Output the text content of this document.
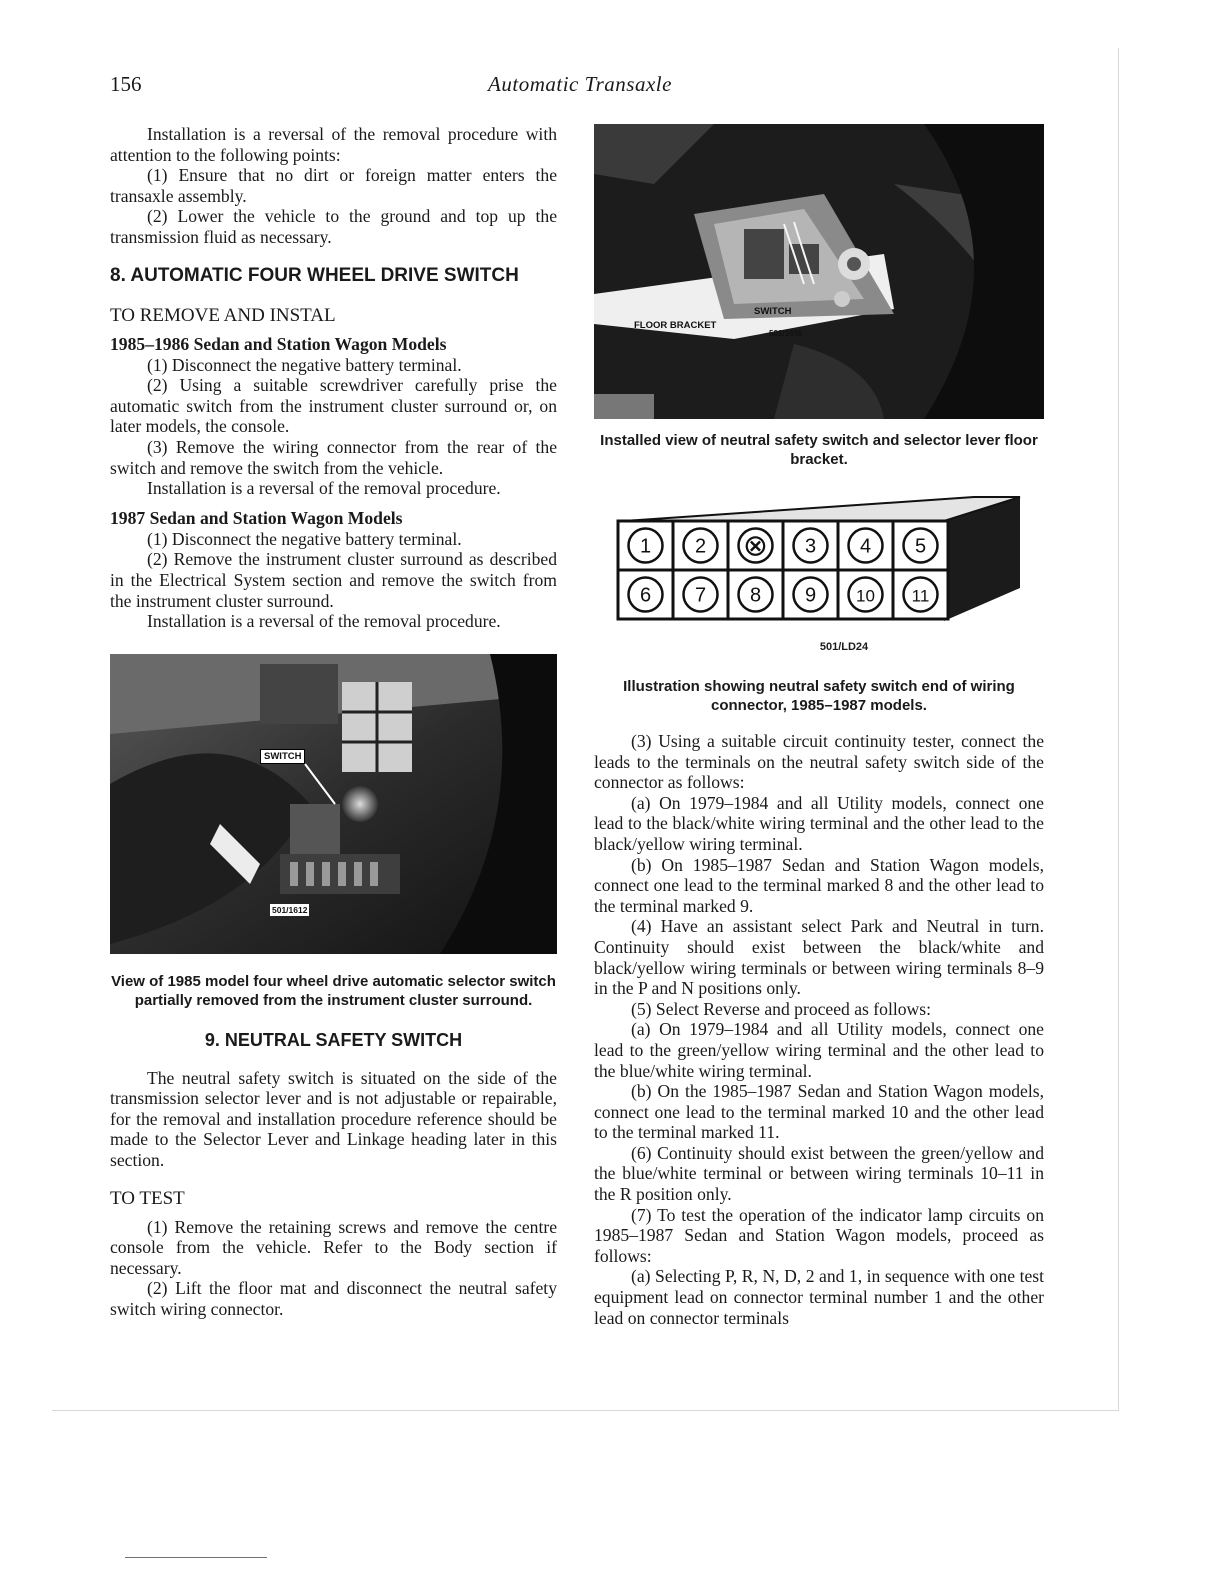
156	Automatic Transaxle

Installation is a reversal of the removal procedure with attention to the following points:

(1) Ensure that no dirt or foreign matter enters the transaxle assembly.

(2) Lower the vehicle to the ground and top up the transmission fluid as necessary.

8. AUTOMATIC FOUR WHEEL DRIVE SWITCH
TO REMOVE AND INSTAL
1985–1986 Sedan and Station Wagon Models

(1) Disconnect the negative battery terminal.

(2) Using a suitable screwdriver carefully prise the automatic switch from the instrument cluster surround or, on later models, the console.

(3) Remove the wiring connector from the rear of the switch and remove the switch from the vehicle.

Installation is a reversal of the removal procedure.

1987 Sedan and Station Wagon Models

(1) Disconnect the negative battery terminal.

(2) Remove the instrument cluster surround as described in the Electrical System section and remove the switch from the instrument cluster surround.

Installation is a reversal of the removal procedure.

SWITCH
501/1612

View of 1985 model four wheel drive automatic selector switch partially removed from the instrument cluster surround.

9. NEUTRAL SAFETY SWITCH

The neutral safety switch is situated on the side of the transmission selector lever and is not adjustable or repairable, for the removal and installation procedure reference should be made to the Selector Lever and Linkage heading later in this section.

TO TEST

(1) Remove the retaining screws and remove the centre console from the vehicle. Refer to the Body section if necessary.

(2) Lift the floor mat and disconnect the neutral safety switch wiring connector.

SWITCH
FLOOR BRACKET
501/1636

Installed view of neutral safety switch and selector lever floor bracket.

1 2 ⊗ 3 4 5
6 7 8 9 10 11
501/LD24

Illustration showing neutral safety switch end of wiring connector, 1985–1987 models.

(3) Using a suitable circuit continuity tester, connect the leads to the terminals on the neutral safety switch side of the connector as follows:

(a) On 1979–1984 and all Utility models, connect one lead to the black/white wiring terminal and the other lead to the black/yellow wiring terminal.

(b) On 1985–1987 Sedan and Station Wagon models, connect one lead to the terminal marked 8 and the other lead to the terminal marked 9.

(4) Have an assistant select Park and Neutral in turn. Continuity should exist between the black/white and black/yellow wiring terminals or between wiring terminals 8–9 in the P and N positions only.

(5) Select Reverse and proceed as follows:

(a) On 1979–1984 and all Utility models, connect one lead to the green/yellow wiring terminal and the other lead to the blue/white wiring terminal.

(b) On the 1985–1987 Sedan and Station Wagon models, connect one lead to the terminal marked 10 and the other lead to the terminal marked 11.

(6) Continuity should exist between the green/yellow and the blue/white terminal or between wiring terminals 10–11 in the R position only.

(7) To test the operation of the indicator lamp circuits on 1985–1987 Sedan and Station Wagon models, proceed as follows:

(a) Selecting P, R, N, D, 2 and 1, in sequence with one test equipment lead on connector terminal number 1 and the other lead on connector terminals
